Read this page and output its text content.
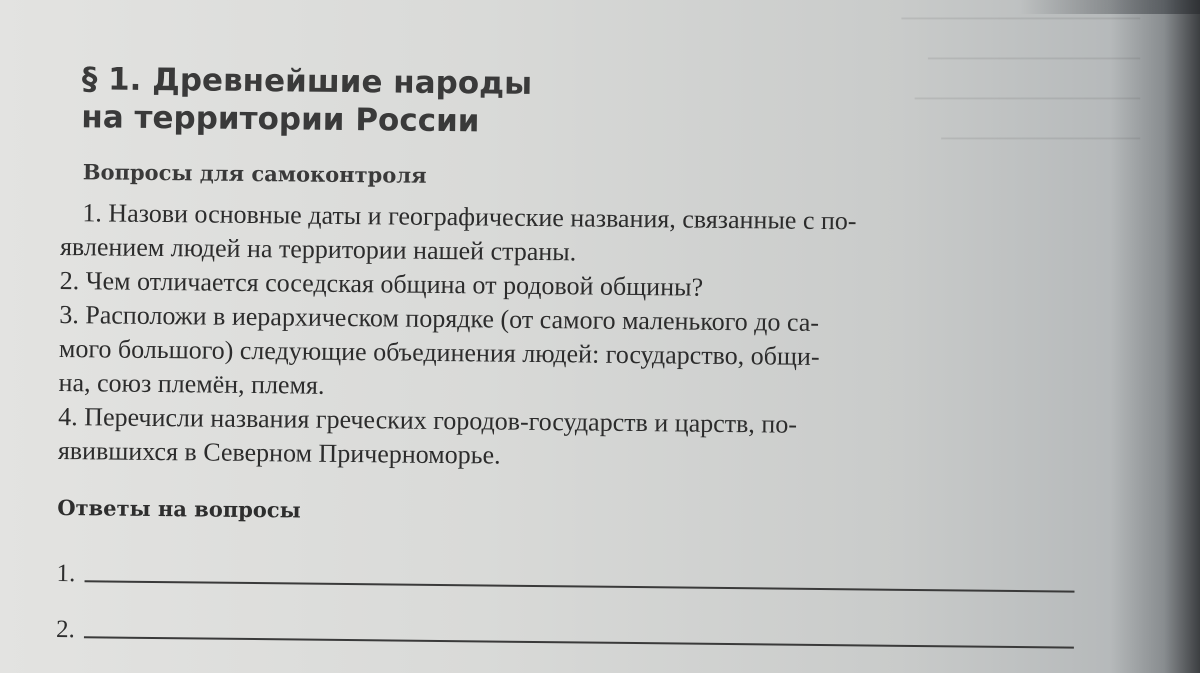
──────────────────
────────────────
─────────────────
───────────────
§ 1. Древнейшие народы
на территории России
Вопросы для самоконтроля
1. Назови основные даты и географические названия, связанные с по-
явлением людей на территории нашей страны.
2. Чем отличается соседская община от родовой общины?
3. Расположи в иерархическом порядке (от самого маленького до са-
мого большого) следующие объединения людей: государство, общи-
на, союз племён, племя.
4. Перечисли названия греческих городов-государств и царств, по-
явившихся в Северном Причерноморье.
Ответы на вопросы
1.
2.
